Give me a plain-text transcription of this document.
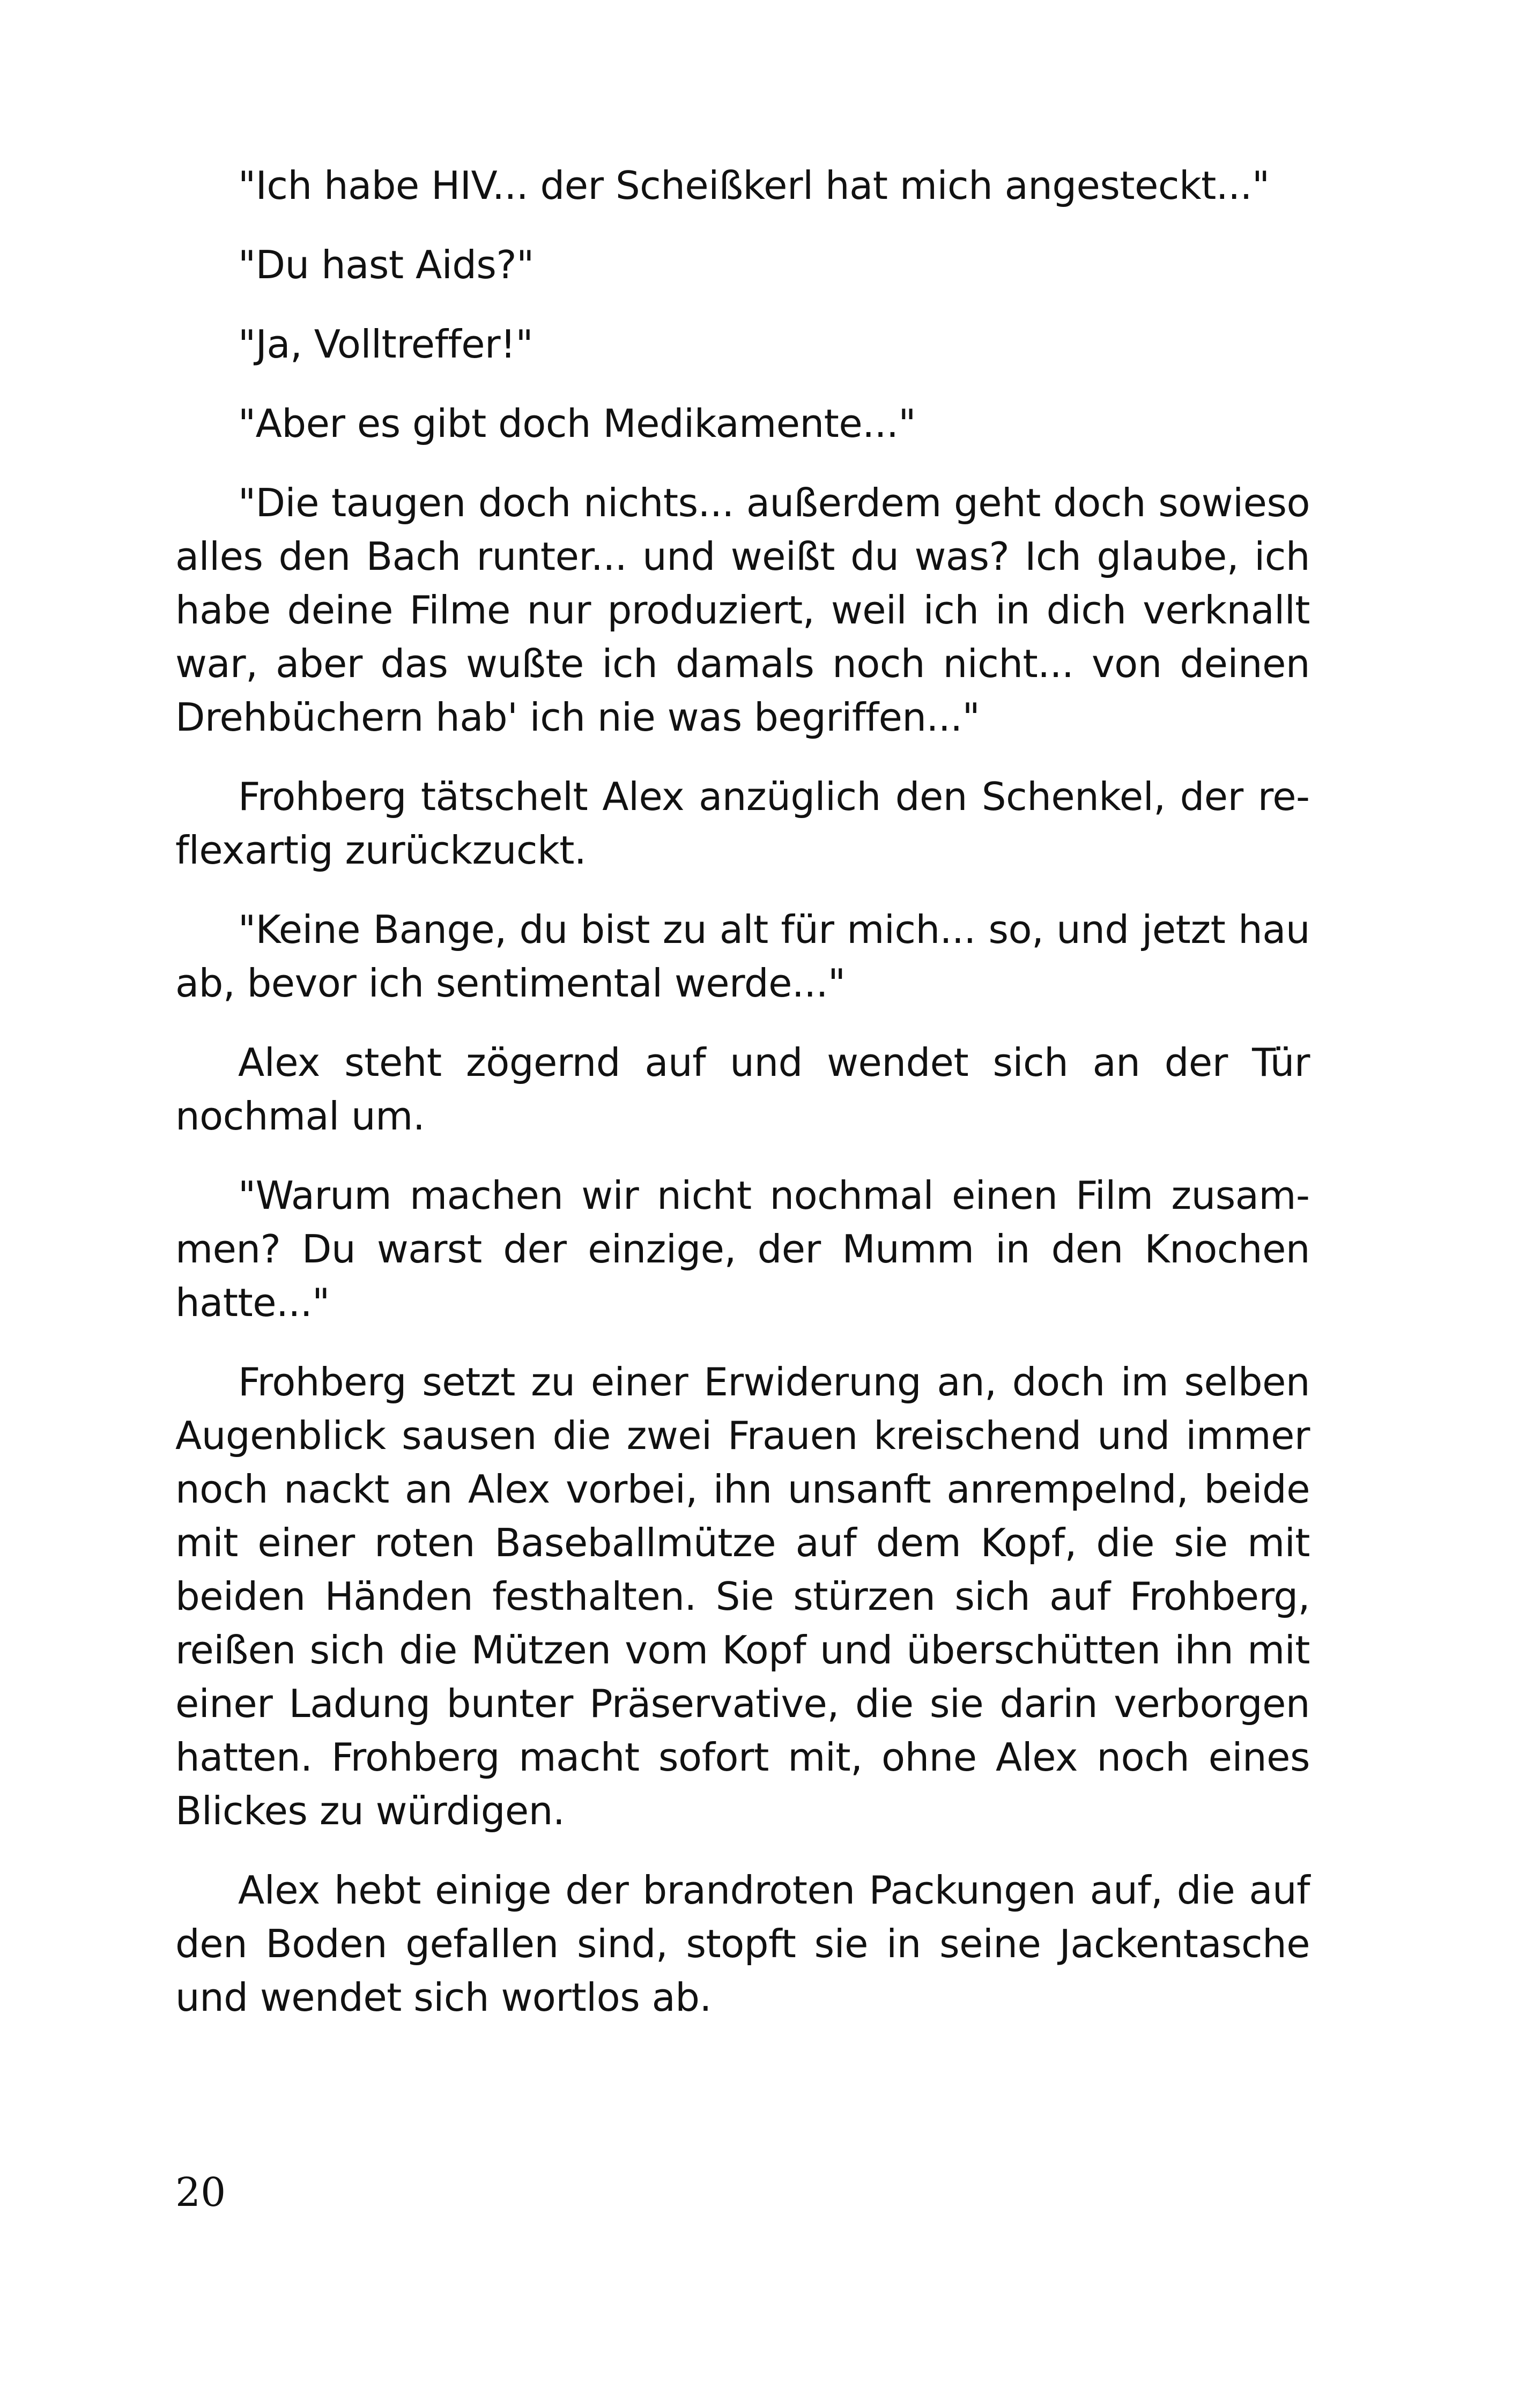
"Ich habe HIV... der Scheißkerl hat mich angesteckt..."

"Du hast Aids?"

"Ja, Volltreffer!"

"Aber es gibt doch Medikamente..."

"Die taugen doch nichts... außerdem geht doch sowieso alles den Bach runter... und weißt du was? Ich glaube, ich habe deine Filme nur produziert, weil ich in dich verknallt war, aber das wußte ich damals noch nicht... von deinen Drehbüchern hab' ich nie was begriffen..."

Frohberg tätschelt Alex anzüglich den Schenkel, der reflexartig zurückzuckt.

"Keine Bange, du bist zu alt für mich... so, und jetzt hau ab, bevor ich sentimental werde..."

Alex steht zögernd auf und wendet sich an der Tür nochmal um.

"Warum machen wir nicht nochmal einen Film zusammen? Du warst der einzige, der Mumm in den Knochen hatte..."

Frohberg setzt zu einer Erwiderung an, doch im selben Augenblick sausen die zwei Frauen kreischend und immer noch nackt an Alex vorbei, ihn unsanft anrempelnd, beide mit einer roten Baseballmütze auf dem Kopf, die sie mit beiden Händen festhalten. Sie stürzen sich auf Frohberg, reißen sich die Mützen vom Kopf und überschütten ihn mit einer Ladung bunter Präservative, die sie darin verborgen hatten. Frohberg macht sofort mit, ohne Alex noch eines Blickes zu würdigen.

Alex hebt einige der brandroten Packungen auf, die auf den Boden gefallen sind, stopft sie in seine Jackentasche und wendet sich wortlos ab.

20
